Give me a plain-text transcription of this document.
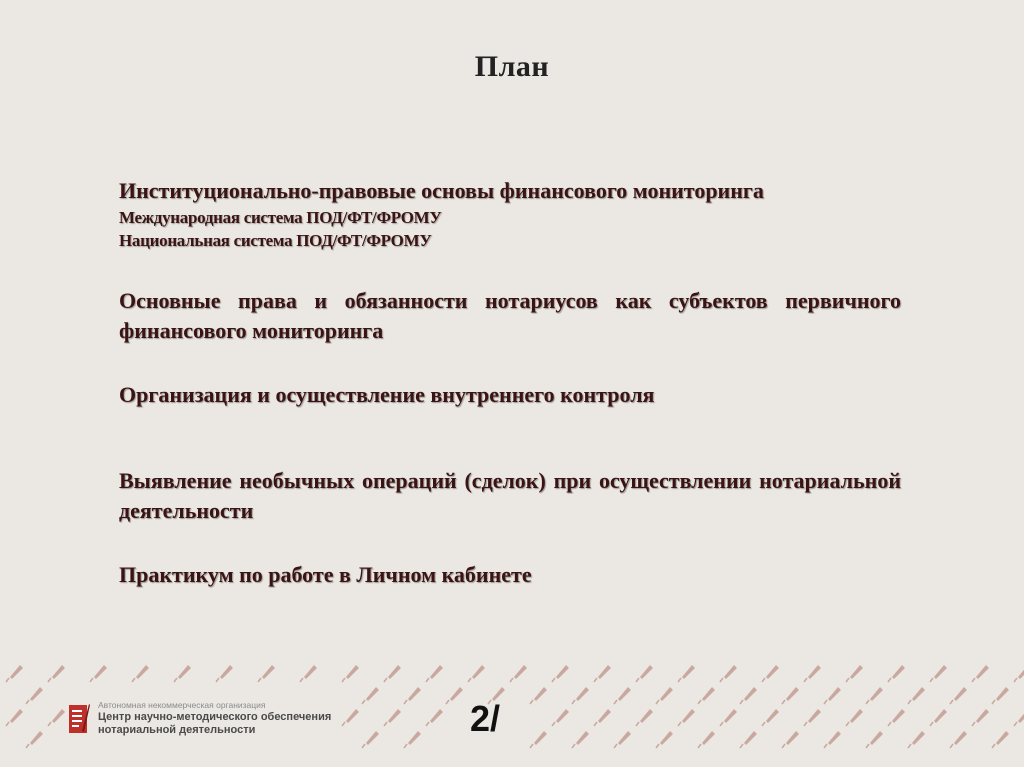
План
Институционально-правовые основы финансового мониторинга
Международная система ПОД/ФТ/ФРОМУ
Национальная система ПОД/ФТ/ФРОМУ
Основные права и обязанности нотариусов как субъектов первичного финансового мониторинга
Организация и осуществление внутреннего контроля
Выявление необычных операций (сделок) при осуществлении нотариальной деятельности
Практикум по работе в Личном кабинете
Автономная некоммерческая организация
Центр научно-методического обеспечения
нотариальной деятельности	2/
